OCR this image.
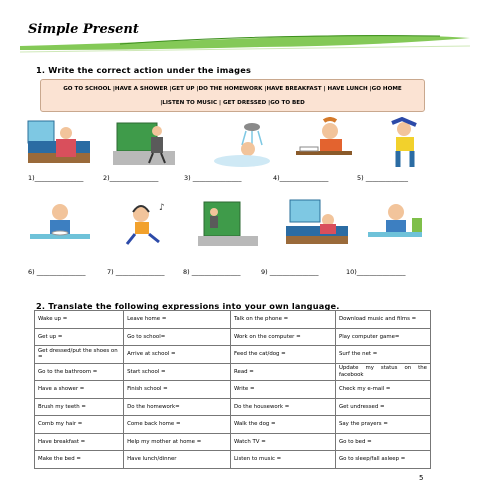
Simple Present
1. Write the correct action under the images
GO TO SCHOOL |HAVE A SHOWER |GET UP |DO THE HOMEWORK |HAVE BREAKFAST | HAVE LUNCH |GO HOME
|LISTEN TO MUSIC | GET DRESSED |GO TO BED
1)_______________	2)_______________	3) _______________	4)_______________	5) _____________
♪
6) _______________	7) _______________	8) _______________	9) _______________	10)_______________
2. Translate the following expressions into your own language.
Wake up =	Leave home =	Talk on the phone =	Download music and films =
Get up =	Go to school=	Work on the computer =	Play computer game=
Get dressed/put the shoes on =	Arrive at school =	Feed the cat/dog =	Surf the net =
Go to the bathroom =	Start school =	Read =	Update my status on the facebook
Have a shower =	Finish school =	Write =	Check my e-mail =
Brush my teeth =	Do the homework=	Do the housework =	Get undressed =
Comb my hair =	Come back home =	Walk the dog =	Say the prayers =
Have breakfast =	Help my mother at home =	Watch TV =	Go to bed =
Make the bed =	Have lunch/dinner	Listen to music =	Go to sleep/fall asleep =
5
